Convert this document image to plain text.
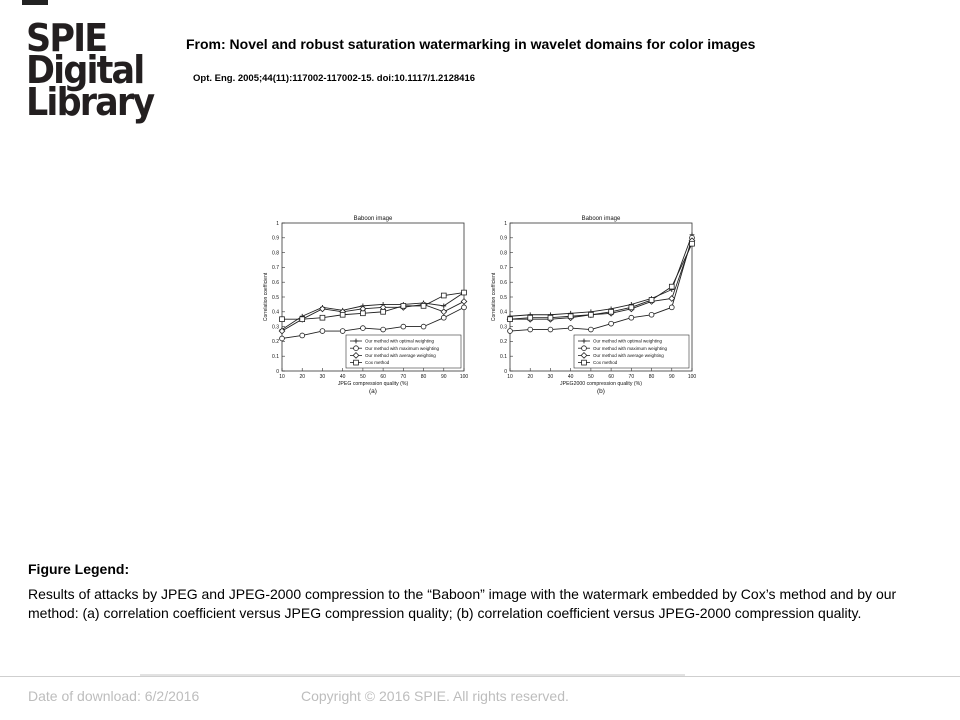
SPIE
Digital
Library
From: Novel and robust saturation watermarking in wavelet domains for color images
Opt. Eng. 2005;44(11):117002-117002-15. doi:10.1117/1.2128416
Baboon image
0
0.1
0.2
0.3
0.4
0.5
0.6
0.7
0.8
0.9
1
10	20	30	40	50	60	70	80	90	100
JPEG compression quality (%)
(a)
Correlation coefficient
Our method with optimal weighting
Our method with maximum weighting
Our method with average weighting
Cox method
Baboon image
0
0.1
0.2
0.3
0.4
0.5
0.6
0.7
0.8
0.9
1
10	20	30	40	50	60	70	80	90	100
JPEG2000 compression quality (%)
(b)
Correlation coefficient
Our method with optimal weighting
Our method with maximum weighting
Our method with average weighting
Cox method
Figure Legend:
Results of attacks by JPEG and JPEG-2000 compression to the “Baboon” image with the watermark embedded by Cox’s method and by our method: (a) correlation coefficient versus JPEG compression quality; (b) correlation coefficient versus JPEG-2000 compression quality.
Date of download: 6/2/2016	Copyright © 2016 SPIE. All rights reserved.
